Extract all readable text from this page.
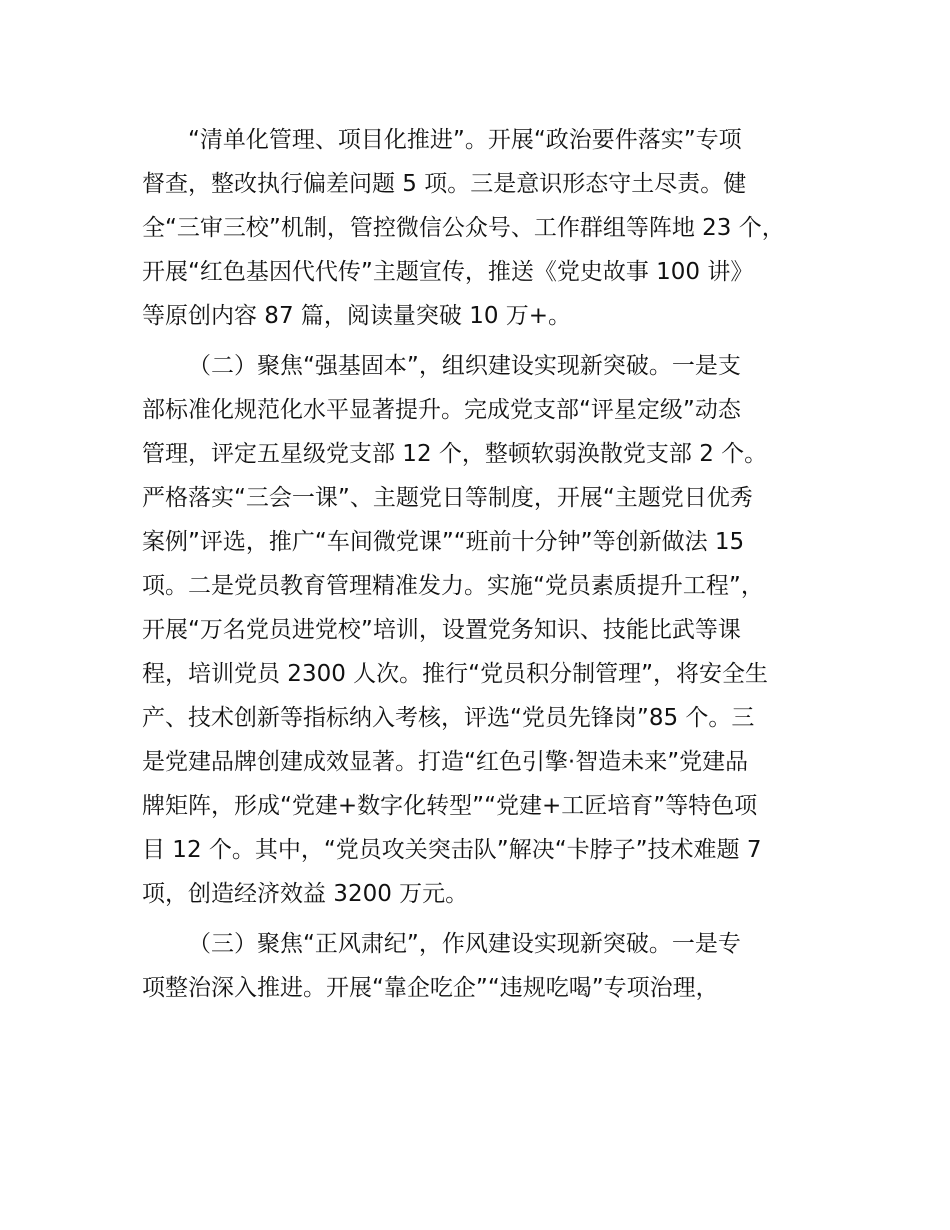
“清单化管理、项目化推进”。开展“政治要件落实”专项
督查，整改执行偏差问题 5 项。三是意识形态守土尽责。健
全“三审三校”机制，管控微信公众号、工作群组等阵地 23 个，
开展“红色基因代代传”主题宣传，推送《党史故事 100 讲》
等原创内容 87 篇，阅读量突破 10 万+。
（二）聚焦“强基固本”，组织建设实现新突破。一是支
部标准化规范化水平显著提升。完成党支部“评星定级”动态
管理，评定五星级党支部 12 个，整顿软弱涣散党支部 2 个。
严格落实“三会一课”、主题党日等制度，开展“主题党日优秀
案例”评选，推广“车间微党课”“班前十分钟”等创新做法 15
项。二是党员教育管理精准发力。实施“党员素质提升工程”，
开展“万名党员进党校”培训，设置党务知识、技能比武等课
程，培训党员 2300 人次。推行“党员积分制管理”，将安全生
产、技术创新等指标纳入考核，评选“党员先锋岗”85 个。三
是党建品牌创建成效显著。打造“红色引擎·智造未来”党建品
牌矩阵，形成“党建+数字化转型”“党建+工匠培育”等特色项
目 12 个。其中，“党员攻关突击队”解决“卡脖子”技术难题 7
项，创造经济效益 3200 万元。
（三）聚焦“正风肃纪”，作风建设实现新突破。一是专
项整治深入推进。开展“靠企吃企”“违规吃喝”专项治理，
